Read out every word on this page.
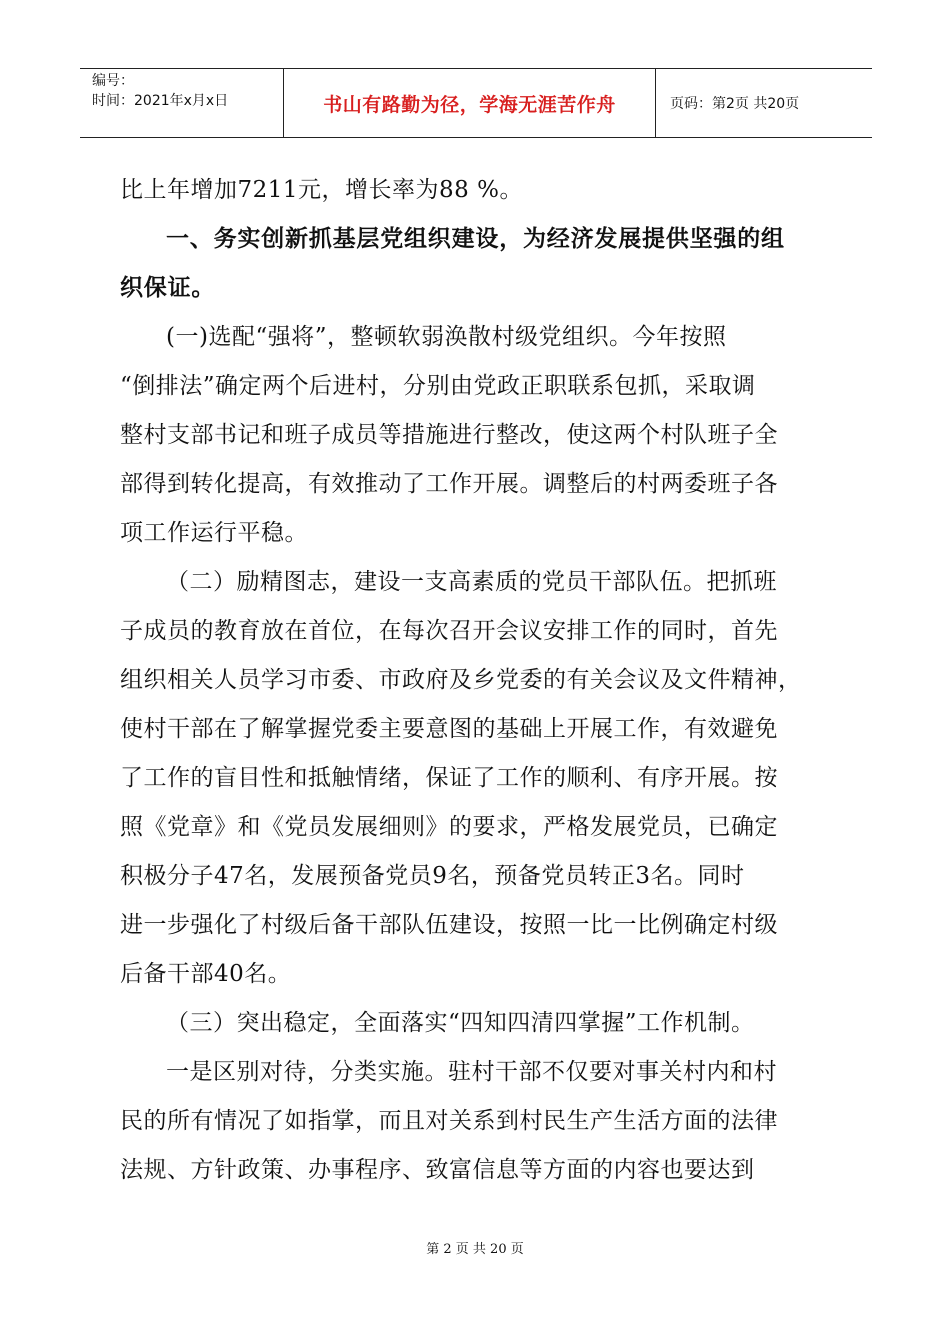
编号：
时间：2021年x月x日	书山有路勤为径，学海无涯苦作舟	页码：第2页 共20页
比上年增加7211元，增长率为88 %。
一、务实创新抓基层党组织建设，为经济发展提供坚强的组
织保证。
(一)选配“强将”，整顿软弱涣散村级党组织。今年按照
“倒排法”确定两个后进村，分别由党政正职联系包抓，采取调
整村支部书记和班子成员等措施进行整改，使这两个村队班子全
部得到转化提高，有效推动了工作开展。调整后的村两委班子各
项工作运行平稳。
（二）励精图志，建设一支高素质的党员干部队伍。把抓班
子成员的教育放在首位，在每次召开会议安排工作的同时，首先
组织相关人员学习市委、市政府及乡党委的有关会议及文件精神，
使村干部在了解掌握党委主要意图的基础上开展工作，有效避免
了工作的盲目性和抵触情绪，保证了工作的顺利、有序开展。按
照《党章》和《党员发展细则》的要求，严格发展党员，已确定
积极分子47名，发展预备党员9名，预备党员转正3名。同时
进一步强化了村级后备干部队伍建设，按照一比一比例确定村级
后备干部40名。
（三）突出稳定，全面落实“四知四清四掌握”工作机制。
一是区别对待，分类实施。驻村干部不仅要对事关村内和村
民的所有情况了如指掌，而且对关系到村民生产生活方面的法律
法规、方针政策、办事程序、致富信息等方面的内容也要达到
第 2 页 共 20 页
